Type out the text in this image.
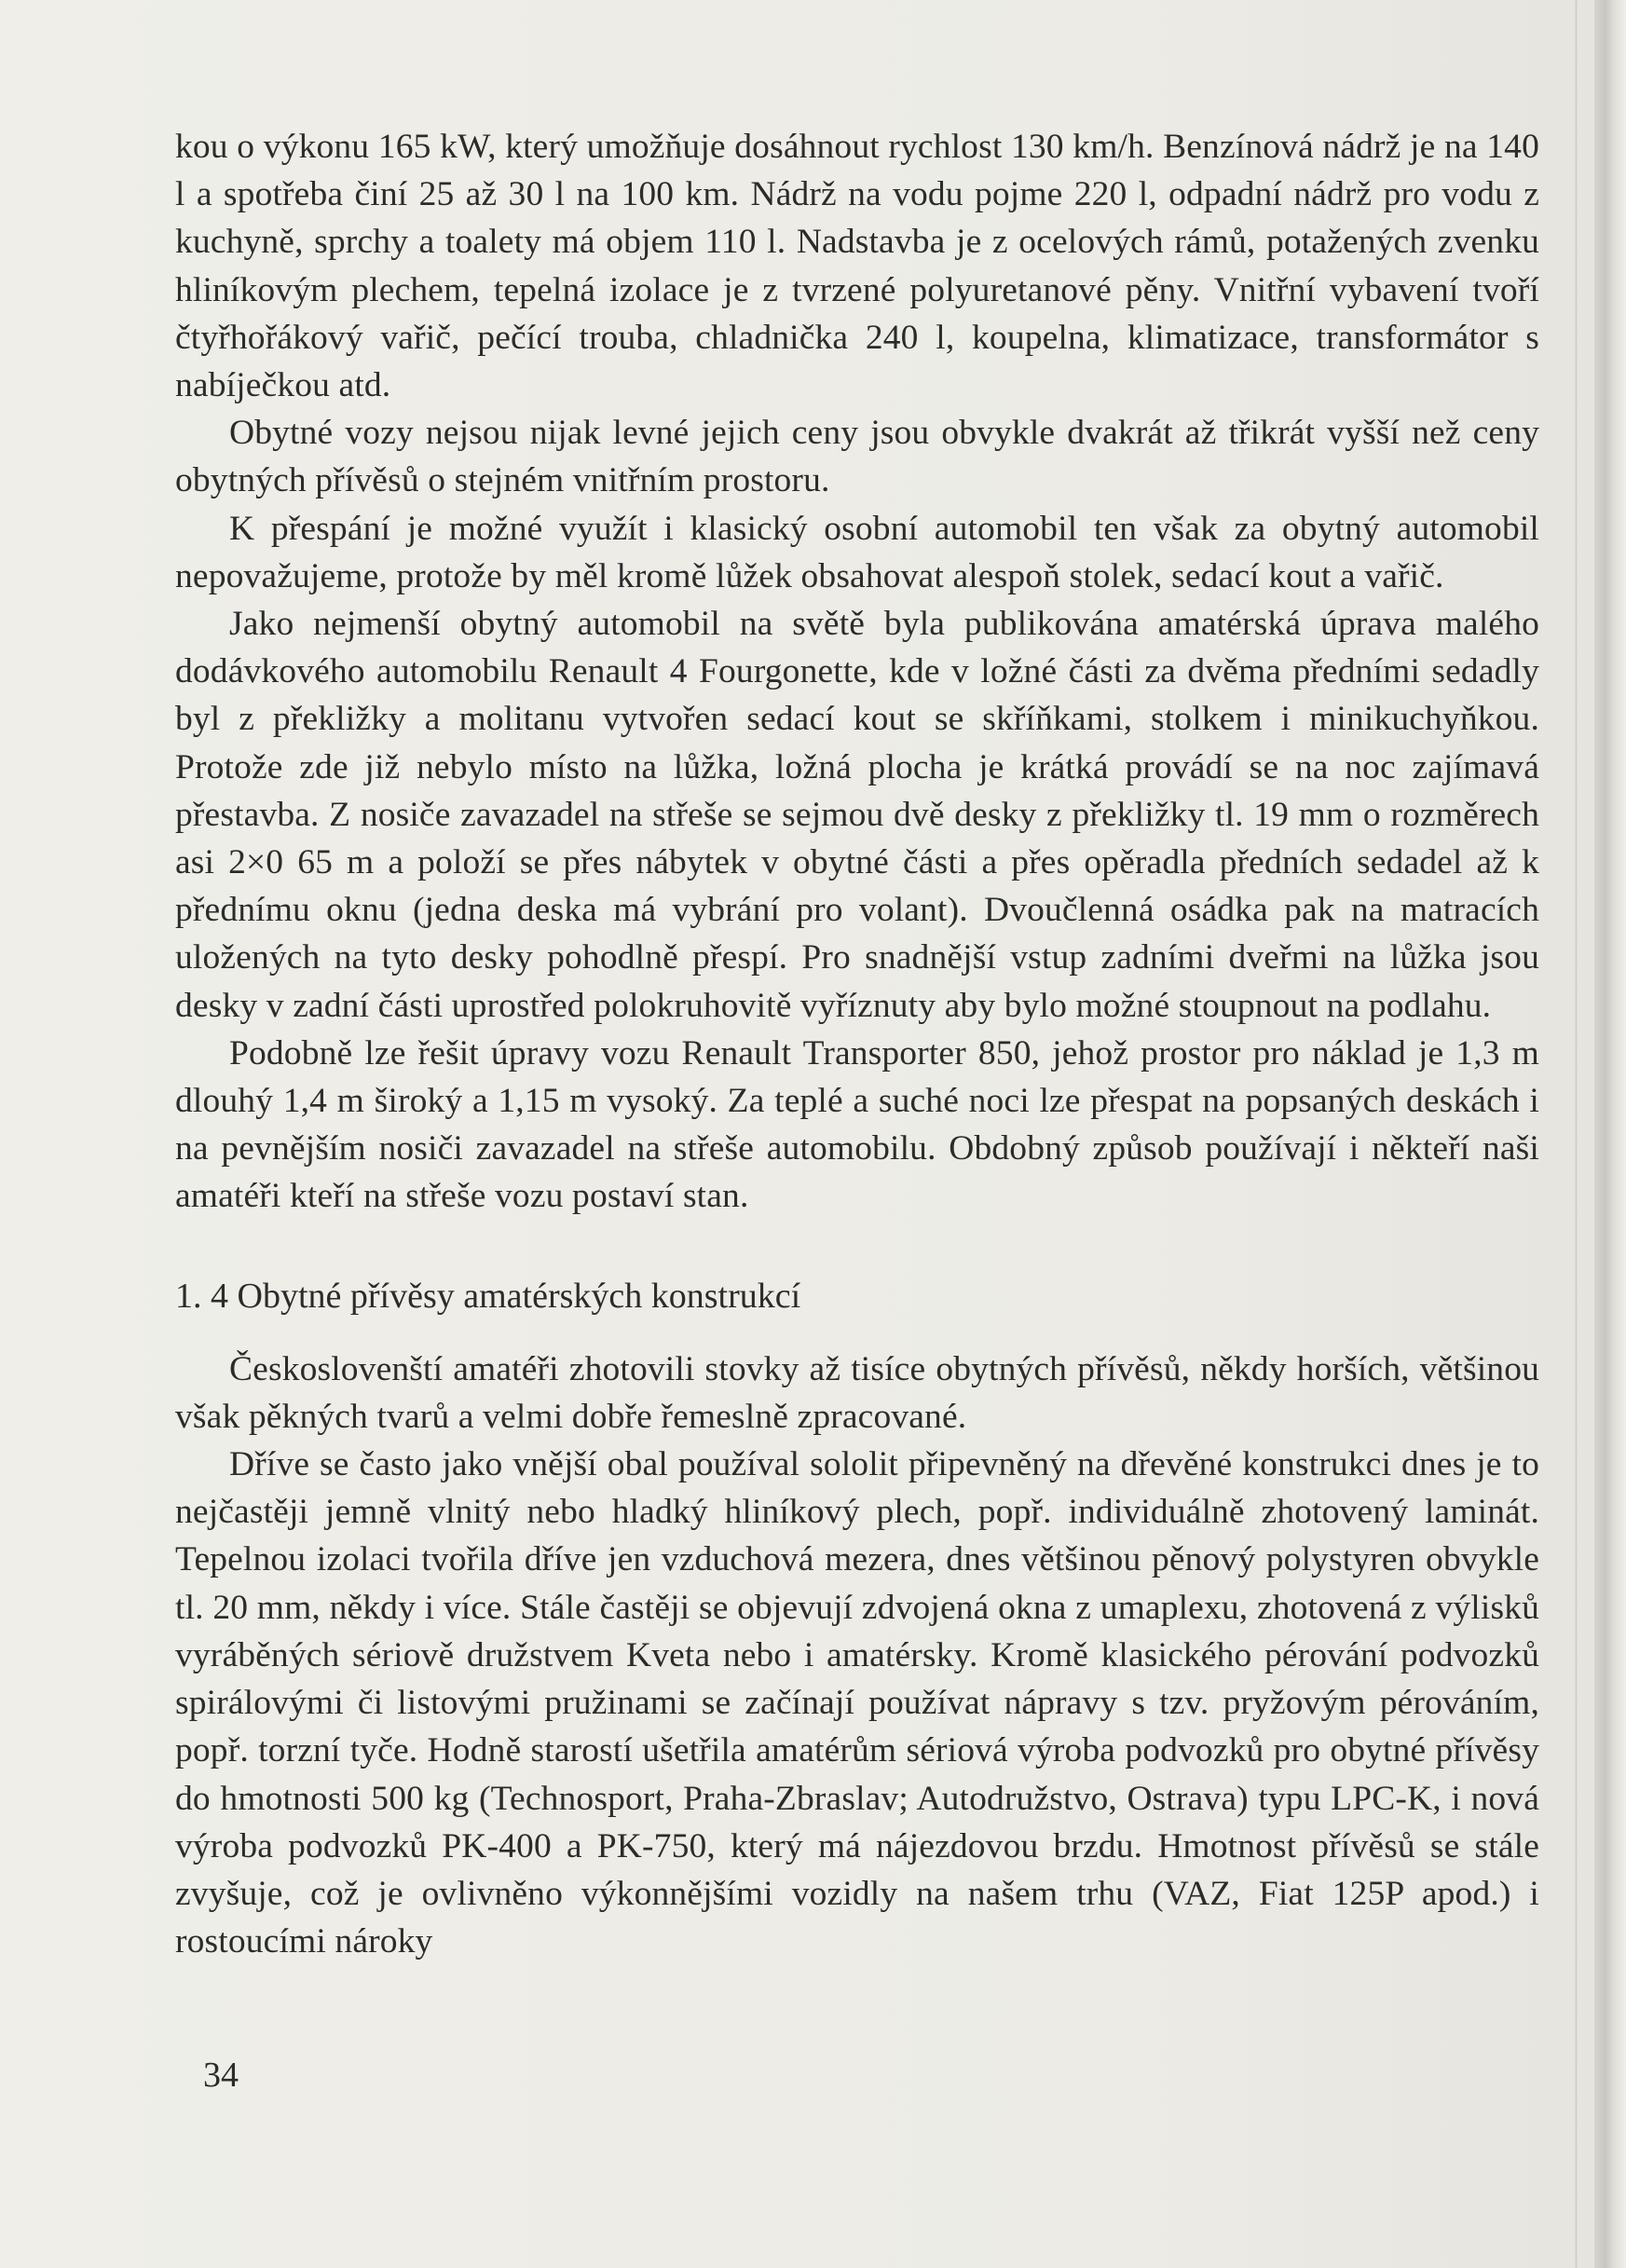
kou o výkonu 165 kW, který umožňuje dosáhnout rychlost 130 km/h. Benzínová nádrž je na 140 l a spotřeba činí 25 až 30 l na 100 km. Nádrž na vodu pojme 220 l, odpadní nádrž pro vodu z kuchyně, sprchy a toalety má objem 110 l. Nadstavba je z ocelových rámů, potažených zvenku hliníkovým plechem, tepelná izolace je z tvrzené polyuretanové pěny. Vnitřní vybavení tvoří čtyřhořákový vařič, pečící trouba, chladnička 240 l, koupelna, klimatizace, transformátor s nabíječkou atd.

Obytné vozy nejsou nijak levné jejich ceny jsou obvykle dvakrát až třikrát vyšší než ceny obytných přívěsů o stejném vnitřním prostoru.

K přespání je možné využít i klasický osobní automobil ten však za obytný automobil nepovažujeme, protože by měl kromě lůžek obsahovat alespoň stolek, sedací kout a vařič.

Jako nejmenší obytný automobil na světě byla publikována amatérská úprava malého dodávkového automobilu Renault 4 Fourgonette, kde v ložné části za dvěma předními sedadly byl z překližky a molitanu vytvořen sedací kout se skříňkami, stolkem i minikuchyňkou. Protože zde již nebylo místo na lůžka, ložná plocha je krátká provádí se na noc zajímavá přestavba. Z nosiče zavazadel na střeše se sejmou dvě desky z překližky tl. 19 mm o rozměrech asi 2×0 65 m a položí se přes nábytek v obytné části a přes opěradla předních sedadel až k přednímu oknu (jedna deska má vybrání pro volant). Dvoučlenná osádka pak na matracích uložených na tyto desky pohodlně přespí. Pro snadnější vstup zadními dveřmi na lůžka jsou desky v zadní části uprostřed polokruhovitě vyříznuty aby bylo možné stoupnout na podlahu.

Podobně lze řešit úpravy vozu Renault Transporter 850, jehož prostor pro náklad je 1,3 m dlouhý 1,4 m široký a 1,15 m vysoký. Za teplé a suché noci lze přespat na popsaných deskách i na pevnějším nosiči zavazadel na střeše automobilu. Obdobný způsob používají i někteří naši amatéři kteří na střeše vozu postaví stan.

1. 4 Obytné přívěsy amatérských konstrukcí

Českoslovenští amatéři zhotovili stovky až tisíce obytných přívěsů, někdy horších, většinou však pěkných tvarů a velmi dobře řemeslně zpracované.

Dříve se často jako vnější obal používal sololit připevněný na dřevěné konstrukci dnes je to nejčastěji jemně vlnitý nebo hladký hliníkový plech, popř. individuálně zhotovený laminát. Tepelnou izolaci tvořila dříve jen vzduchová mezera, dnes většinou pěnový polystyren obvykle tl. 20 mm, někdy i více. Stále častěji se objevují zdvojená okna z umaplexu, zhotovená z výlisků vyráběných sériově družstvem Kveta nebo i amatérsky. Kromě klasického pérování podvozků spirálovými či listovými pružinami se začínají používat nápravy s tzv. pryžovým pérováním, popř. torzní tyče. Hodně starostí ušetřila amatérům sériová výroba podvozků pro obytné přívěsy do hmotnosti 500 kg (Technosport, Praha-Zbraslav; Autodružstvo, Ostrava) typu LPC-K, i nová výroba podvozků PK-400 a PK-750, který má nájezdovou brzdu. Hmotnost přívěsů se stále zvyšuje, což je ovlivněno výkonnějšími vozidly na našem trhu (VAZ, Fiat 125P apod.) i rostoucími nároky

34
